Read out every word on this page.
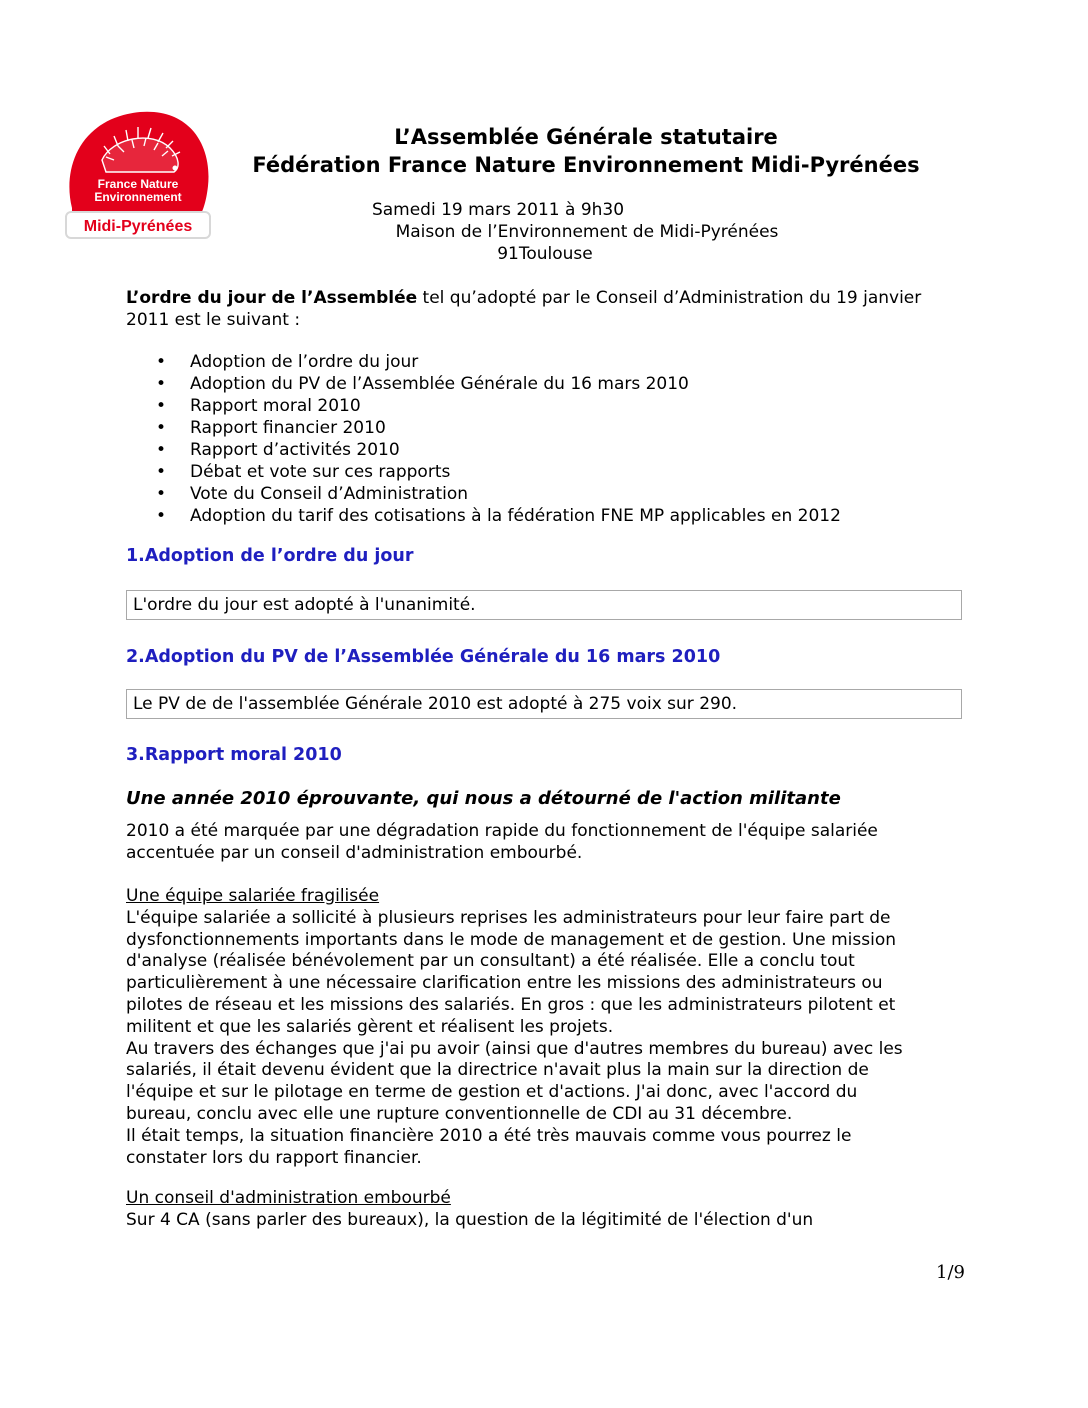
France Nature
Environnement
Midi-Pyrénées
L’Assemblée Générale statutaire
Fédération France Nature Environnement Midi-Pyrénées
Samedi 19 mars 2011 à 9h30
Maison de l’Environnement de Midi-Pyrénées
91Toulouse
L’ordre du jour de l’Assemblée tel qu’adopté par le Conseil d’Administration du 19 janvier
2011 est le suivant :
• Adoption de l’ordre du jour
• Adoption du PV de l’Assemblée Générale du 16 mars 2010
• Rapport moral 2010
• Rapport financier 2010
• Rapport d’activités 2010
• Débat et vote sur ces rapports
• Vote du Conseil d’Administration
• Adoption du tarif des cotisations à la fédération FNE MP applicables en 2012
1.Adoption de l’ordre du jour
L'ordre du jour est adopté à l'unanimité.
2.Adoption du PV de l’Assemblée Générale du 16 mars 2010
Le PV de de l'assemblée Générale 2010 est adopté à 275 voix sur 290.
3.Rapport moral 2010
Une année 2010 éprouvante, qui nous a détourné de l'action militante
2010 a été marquée par une dégradation rapide du fonctionnement de l'équipe salariée
accentuée par un conseil d'administration embourbé.
Une équipe salariée fragilisée
L'équipe salariée a sollicité à plusieurs reprises les administrateurs pour leur faire part de
dysfonctionnements importants dans le mode de management et de gestion. Une mission
d'analyse (réalisée bénévolement par un consultant) a été réalisée. Elle a conclu tout
particulièrement à une nécessaire clarification entre les missions des administrateurs ou
pilotes de réseau et les missions des salariés. En gros : que les administrateurs pilotent et
militent et que les salariés gèrent et réalisent les projets.
Au travers des échanges que j'ai pu avoir (ainsi que d'autres membres du bureau) avec les
salariés, il était devenu évident que la directrice n'avait plus la main sur la direction de
l'équipe et sur le pilotage en terme de gestion et d'actions. J'ai donc, avec l'accord du
bureau, conclu avec elle une rupture conventionnelle de CDI au 31 décembre.
Il était temps, la situation financière 2010 a été très mauvais comme vous pourrez le
constater lors du rapport financier.
Un conseil d'administration embourbé
Sur 4 CA (sans parler des bureaux), la question de la légitimité de l'élection d'un
1/9
